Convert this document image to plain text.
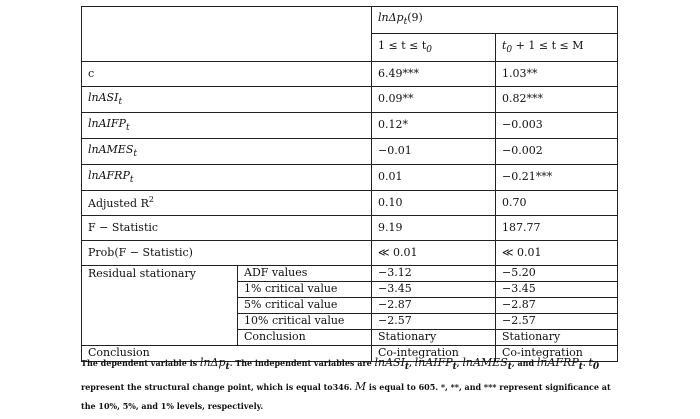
		lnΔp$_t$(9)	
		$1 \le t \le t_0$	$t_0 + 1 \le t \le M$
c		6.49***	1.03**
lnASI$_t$		0.09**	0.82***
lnAIFP$_t$		0.12*	−0.003
lnAMES$_t$		−0.01	−0.002
lnAFRP$_t$		0.01	−0.21***
Adjusted $R^2$		0.10	0.70
F − Statistic		9.19	187.77
Prob(F − Statistic)		≪ 0.01	≪ 0.01
Residual stationary	ADF values	−3.12	−5.20
	1% critical value	−3.45	−3.45
	5% critical value	−2.87	−2.87
	10% critical value	−2.57	−2.57
	Conclusion	Stationary	Stationary
Conclusion		Co-integration	Co-integration
The dependent variable is lnΔpt. The independent variables are lnASIt, lnAIFPt, lnAMESt, and lnAFRPt. t0 represent the structural change point, which is equal to346. M is equal to 605. *, **, and *** represent significance at the 10%, 5%, and 1% levels, respectively.
